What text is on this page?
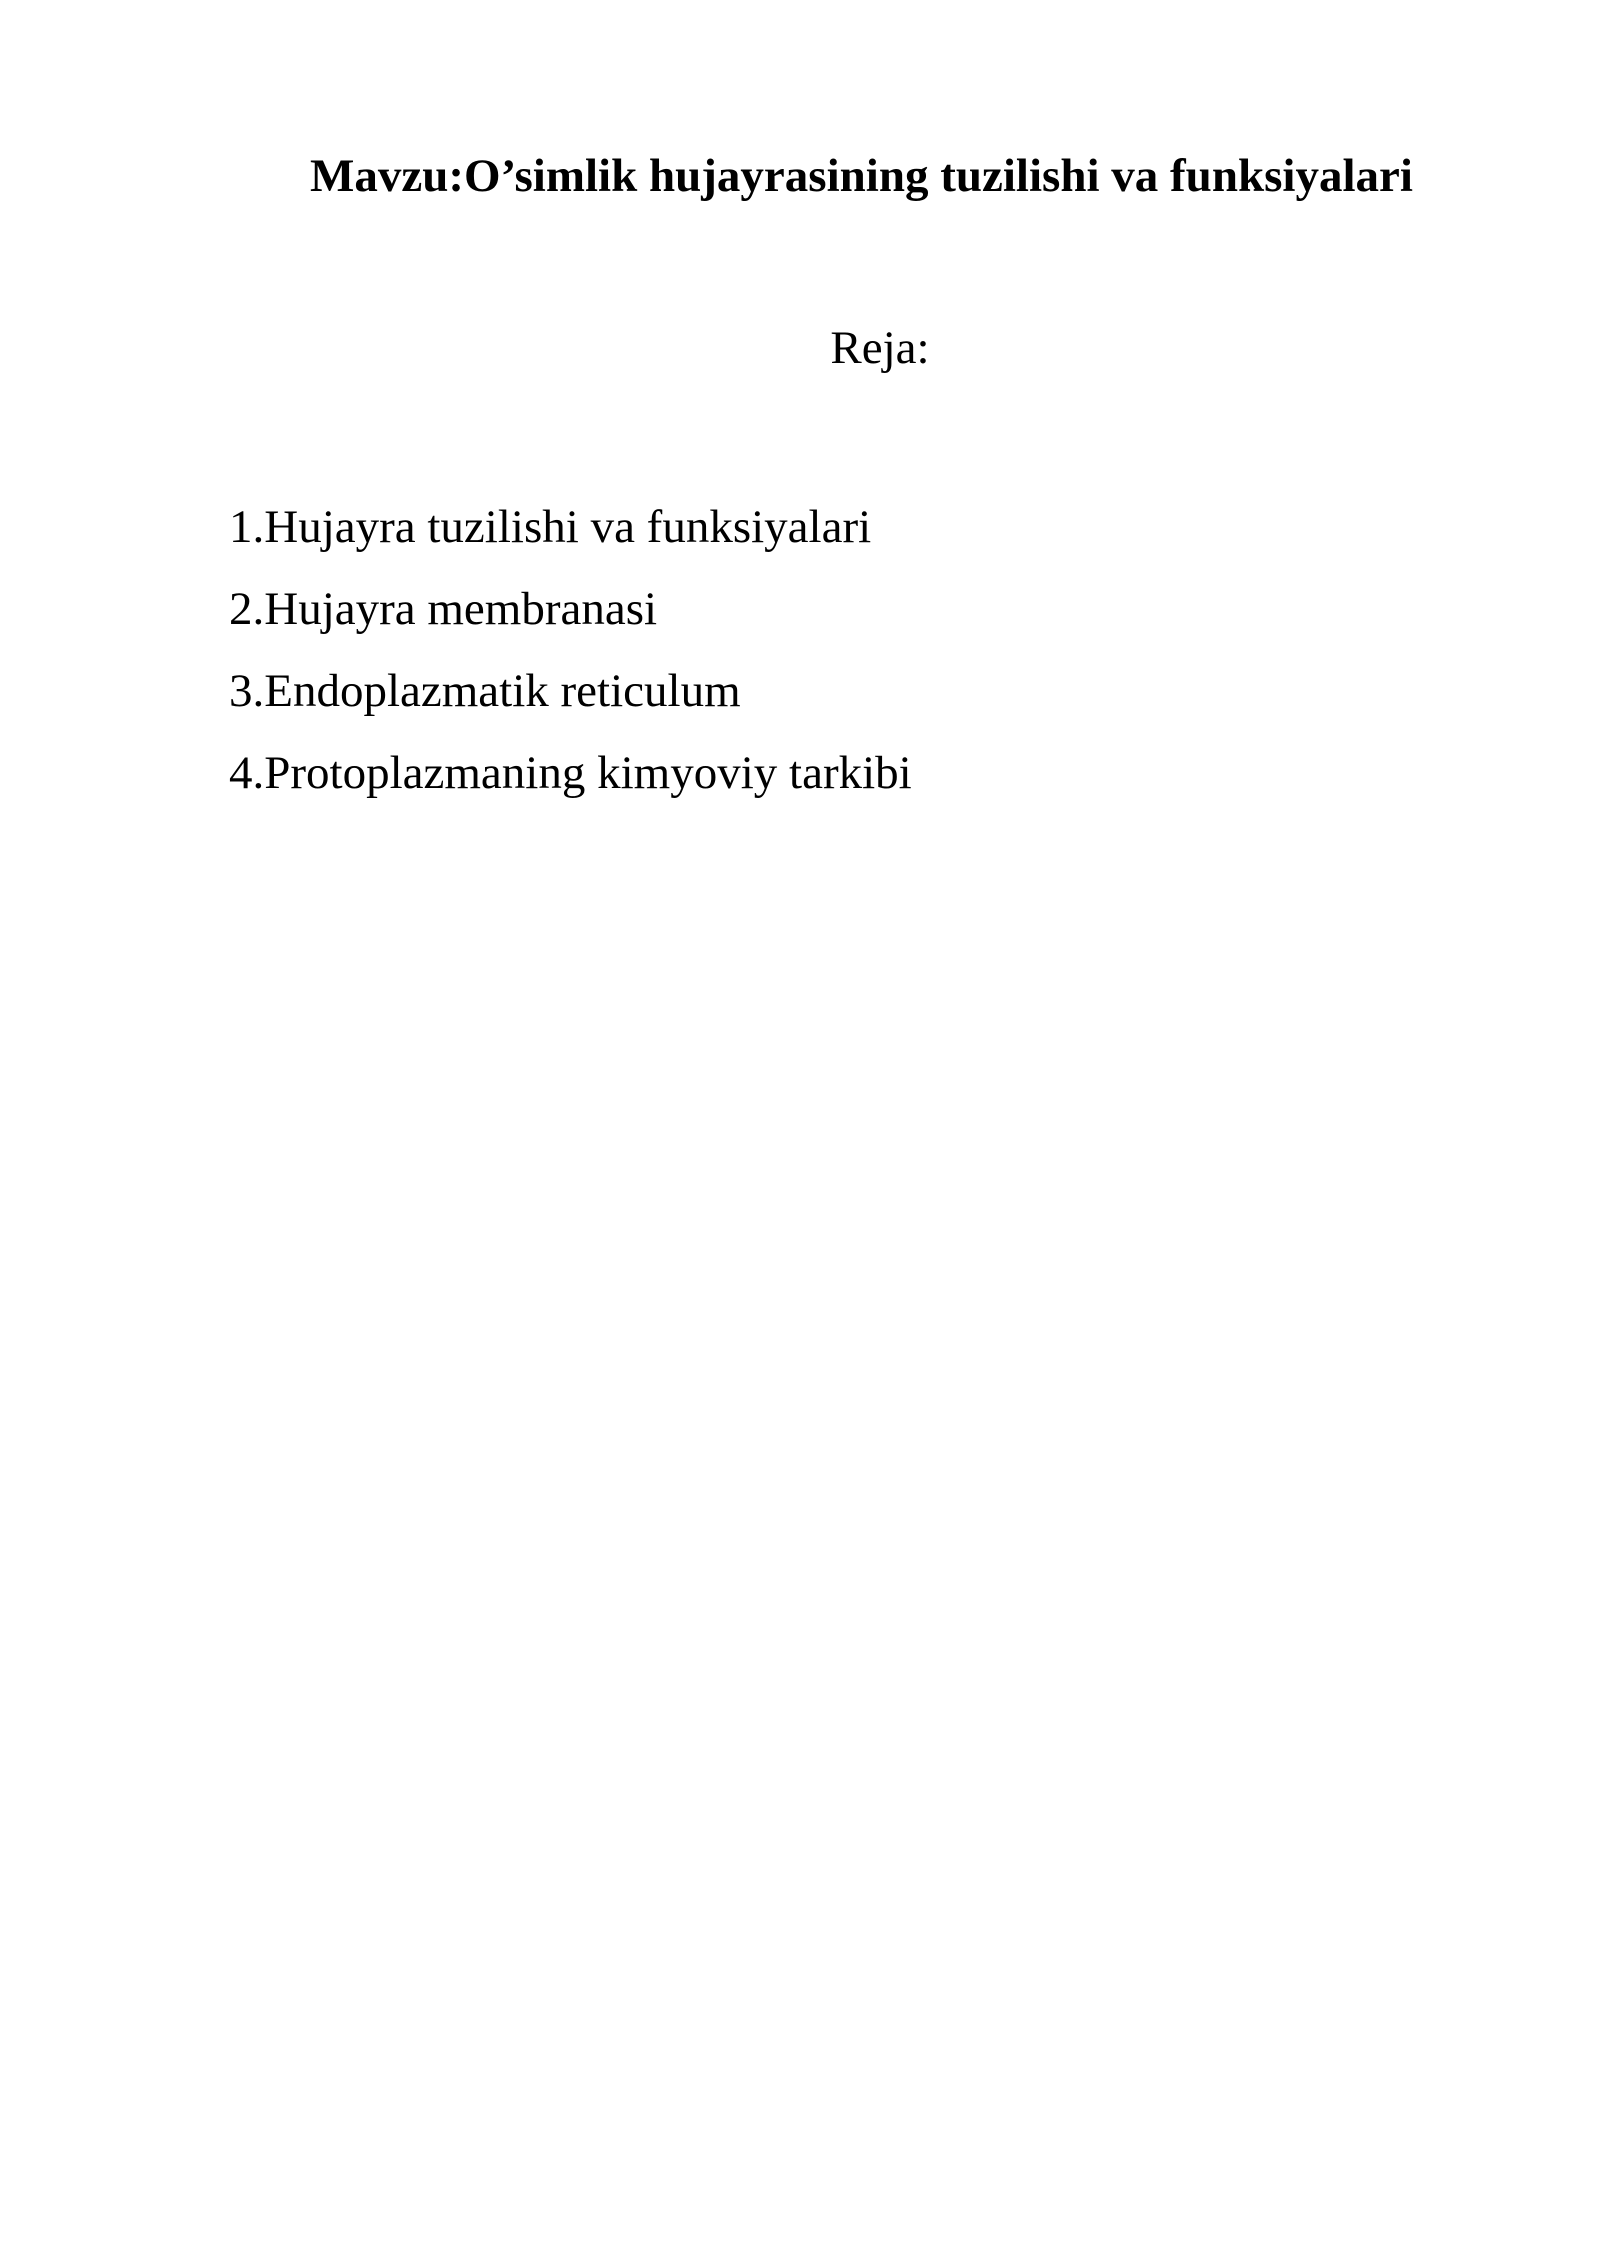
Mavzu:O’simlik hujayrasining tuzilishi va funksiyalari
Reja:
1.Hujayra tuzilishi va funksiyalari
2.Hujayra membranasi
3.Endoplazmatik reticulum
4.Protoplazmaning kimyoviy tarkibi
